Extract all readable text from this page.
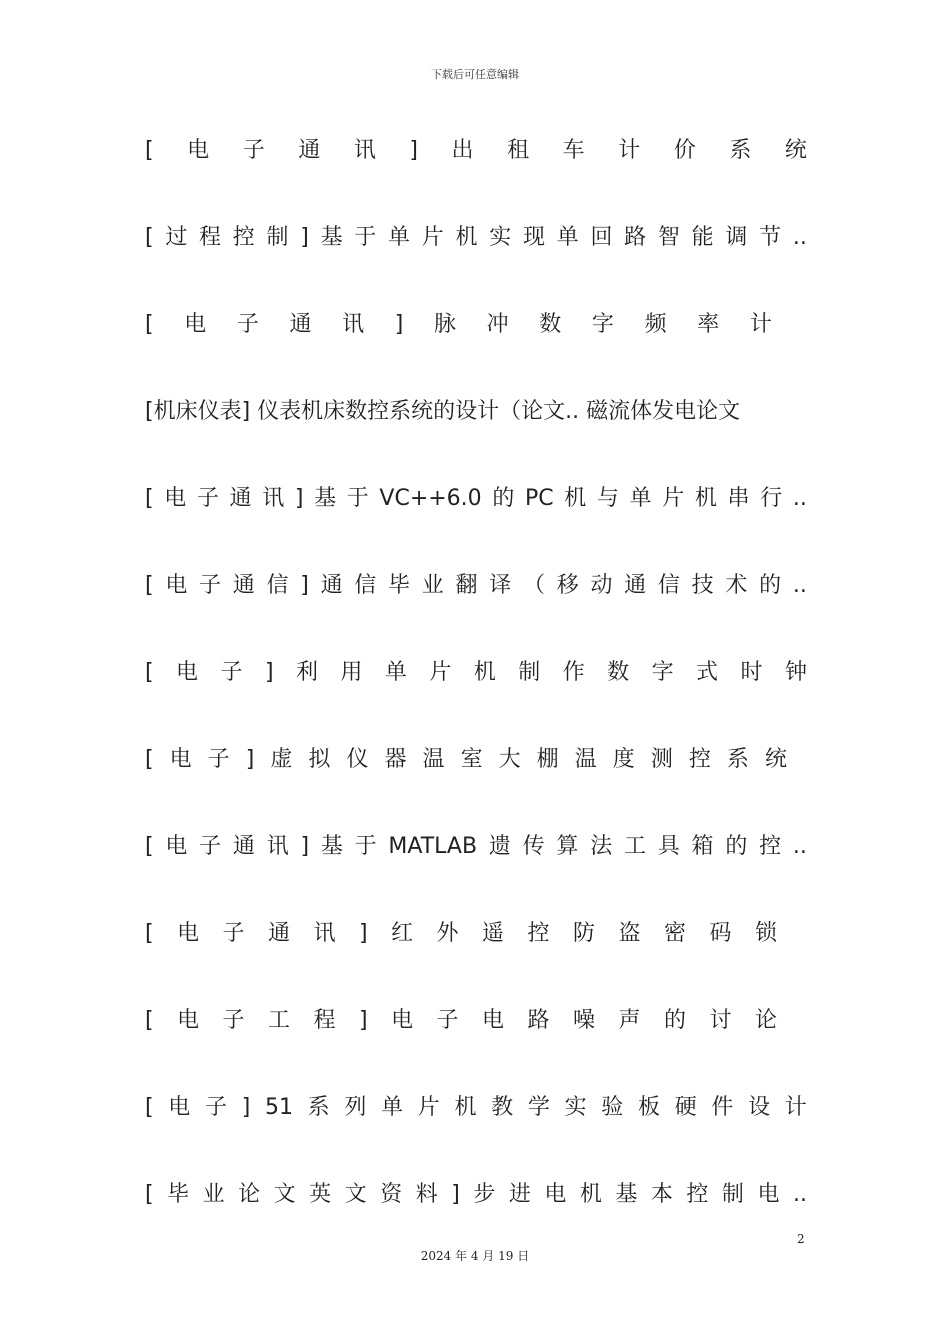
下载后可任意编辑
[ 电 子 通 讯 ] 出 租 车 计 价 系 统
[ 过 程 控 制 ] 基 于 单 片 机 实 现 单 回 路 智 能 调 节 ..
[ 电 子 通 讯 ] 脉 冲 数 字 频 率 计
[机床仪表] 仪表机床数控系统的设计（论文.. 磁流体发电论文
[ 电 子 通 讯 ] 基 于 VC++6.0 的 PC 机 与 单 片 机 串 行 ..
[ 电 子 通 信 ] 通 信 毕 业 翻 译 （ 移 动 通 信 技 术 的 ..
[ 电 子 ] 利 用 单 片 机 制 作 数 字 式 时 钟
[ 电 子 ] 虚 拟 仪 器 温 室 大 棚 温 度 测 控 系 统
[ 电 子 通 讯 ] 基 于 MATLAB 遗 传 算 法 工 具 箱 的 控 ..
[ 电 子 通 讯 ] 红 外 遥 控 防 盗 密 码 锁
[ 电 子 工 程 ] 电 子 电 路 噪 声 的 讨 论
[ 电 子 ] 51 系 列 单 片 机 教 学 实 验 板 硬 件 设 计
[ 毕 业 论 文 英 文 资 料 ] 步 进 电 机 基 本 控 制 电 ..
2
2024 年 4 月 19 日
